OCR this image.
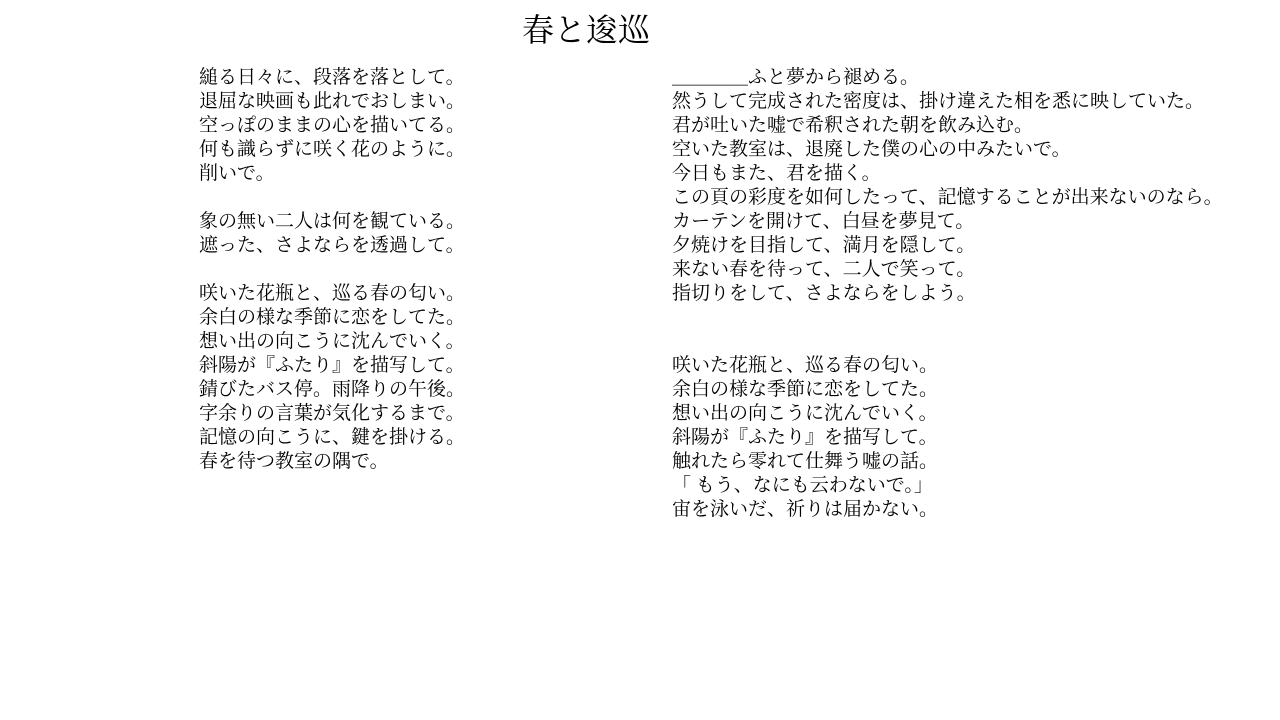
春と逡巡

縋る日々に、段落を落として。

退屈な映画も此れでおしまい。

空っぽのままの心を描いてる。

何も識らずに咲く花のように。

削いで。

象の無い二人は何を観ている。

遮った、さよならを透過して。

咲いた花瓶と、巡る春の匂い。

余白の様な季節に恋をしてた。

想い出の向こうに沈んでいく。

斜陽が『ふたり』を描写して。

錆びたバス停。雨降りの午後。

字余りの言葉が気化するまで。

記憶の向こうに、鍵を掛ける。

春を待つ教室の隅で。

＿＿＿＿ふと夢から褪める。

然うして完成された密度は、掛け違えた相を悉に映していた。

君が吐いた嘘で希釈された朝を飲み込む。

空いた教室は、退廃した僕の心の中みたいで。

今日もまた、君を描く。

この頁の彩度を如何したって、記憶することが出来ないのなら。

カーテンを開けて、白昼を夢見て。

夕焼けを目指して、満月を隠して。

来ない春を待って、二人で笑って。

指切りをして、さよならをしよう。

咲いた花瓶と、巡る春の匂い。

余白の様な季節に恋をしてた。

想い出の向こうに沈んでいく。

斜陽が『ふたり』を描写して。

触れたら零れて仕舞う嘘の話。

「 もう、なにも云わないで。」

宙を泳いだ、祈りは届かない。
